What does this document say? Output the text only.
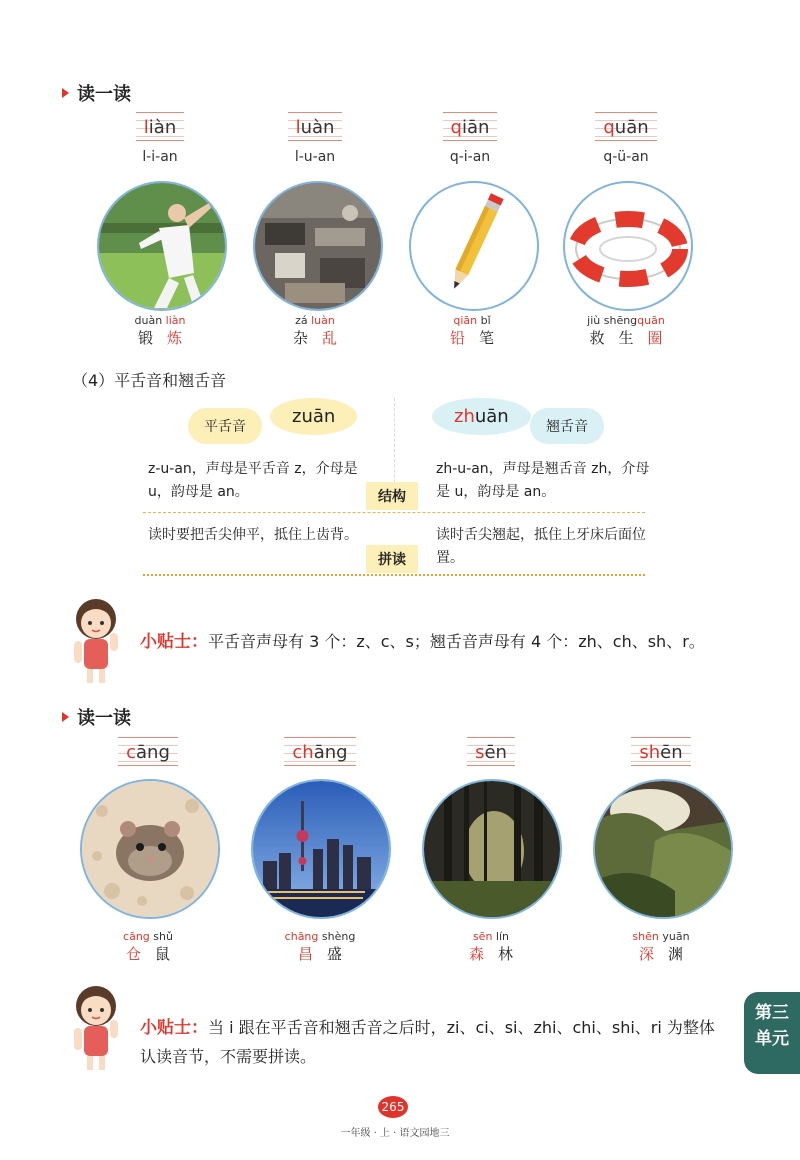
读一读
liàn
l-i-an
luàn
l-u-an
qiān
q-i-an
quān
q-ü-an
duàn liàn
锻炼
zá luàn
杂乱
qiān bǐ
铅笔
jiù shēngquān
救生圈
（4）平舌音和翘舌音
平舌音	zuān	zhuān	翘舌音
z-u-an，声母是平舌音 z，介母是 u，韵母是 an。	结构
zh-u-an，声母是翘舌音 zh，介母是 u，韵母是 an。
读时要把舌尖伸平，抵住上齿背。
拼读
读时舌尖翘起，抵住上牙床后面位置。
小贴士：平舌音声母有 3 个：z、c、s；翘舌音声母有 4 个：zh、ch、sh、r。
读一读
cāng	chāng	sēn	shēn
cāng shǔ
仓鼠
chāng shèng
昌盛
sēn lín
森林
shēn yuān
深渊
小贴士：当 i 跟在平舌音和翘舌音之后时，zi、ci、si、zhi、chi、shi、ri 为整体认读音节，不需要拼读。
第三
单元
265
一年级 · 上 · 语文园地三
